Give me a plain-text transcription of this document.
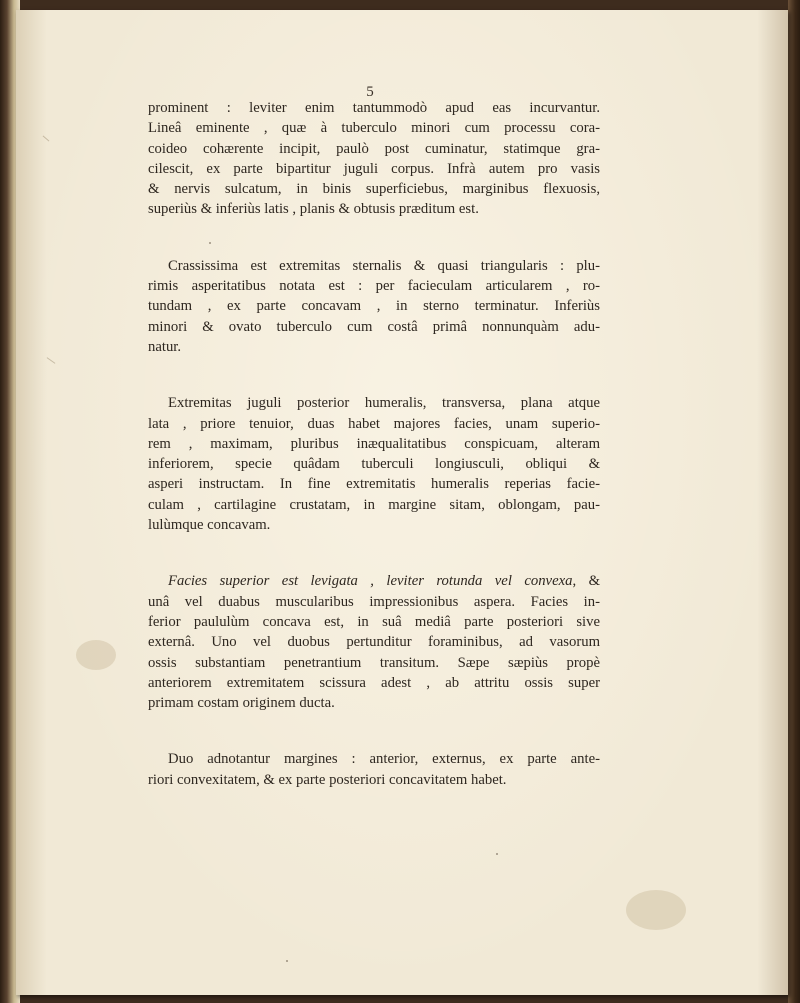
5
prominent : leviter enim tantummodò apud eas incurvantur.
Lineâ eminente , quæ à tuberculo minori cum processu cora-
coideo cohærente incipit, paulò post cuminatur, statimque gra-
cilescit, ex parte bipartitur juguli corpus. Infrà autem pro vasis
& nervis sulcatum, in binis superficiebus, marginibus flexuosis,
superiùs & inferiùs latis , planis & obtusis præditum est.
Crassissima est extremitas sternalis & quasi triangularis : plu-
rimis asperitatibus notata est : per facieculam articularem , ro-
tundam , ex parte concavam , in sterno terminatur. Inferiùs
minori & ovato tuberculo cum costâ primâ nonnunquàm adu-
natur.
Extremitas juguli posterior humeralis, transversa, plana atque
lata , priore tenuior, duas habet majores facies, unam superio-
rem , maximam, pluribus inæqualitatibus conspicuam, alteram
inferiorem, specie quâdam tuberculi longiusculi, obliqui &
asperi instructam. In fine extremitatis humeralis reperias facie-
culam , cartilagine crustatam, in margine sitam, oblongam, pau-
lulùmque concavam.
Facies superior est levigata , leviter rotunda vel convexa, &
unâ vel duabus muscularibus impressionibus aspera. Facies in-
ferior paululùm concava est, in suâ mediâ parte posteriori sive
externâ. Uno vel duobus pertunditur foraminibus, ad vasorum
ossis substantiam penetrantium transitum. Sæpe sæpiùs propè
anteriorem extremitatem scissura adest , ab attritu ossis super
primam costam originem ducta.
Duo adnotantur margines : anterior, externus, ex parte ante-
riori convexitatem, & ex parte posteriori concavitatem habet.
